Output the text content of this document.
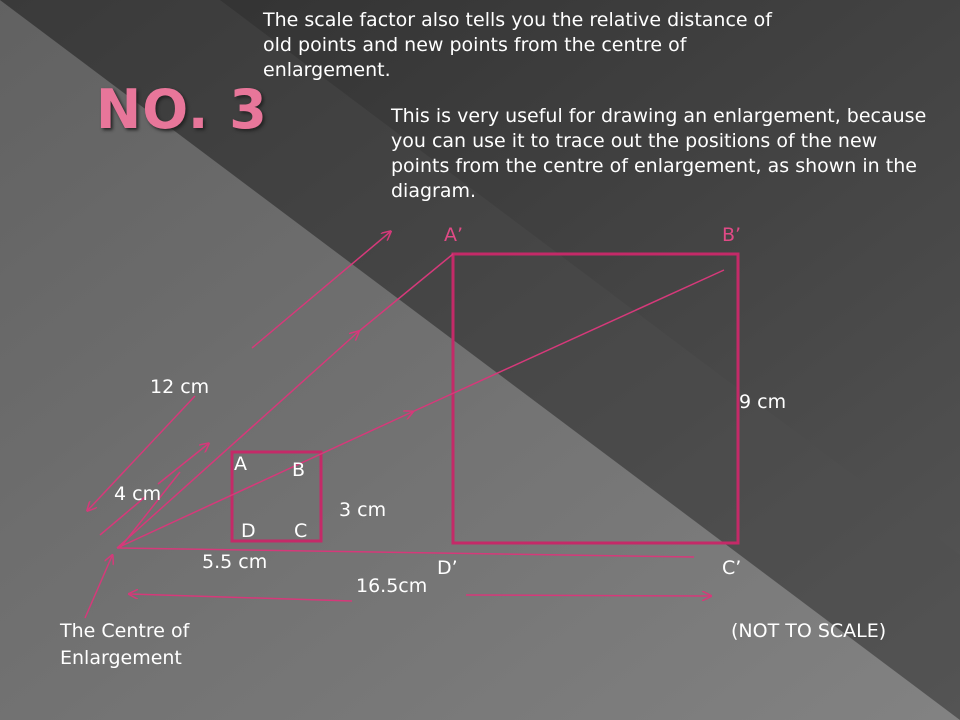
The scale factor also tells you the relative distance of old points and new points from the centre of enlargement.
NO. 3	This is very useful for drawing an enlargement, because you can use it to trace out the positions of the new points from the centre of enlargement, as shown in the diagram.
A’	B’
D’	C’
A B
D C
12 cm
9 cm
4 cm
3 cm
5.5 cm
16.5cm
The Centre of
Enlargement
(NOT TO SCALE)
